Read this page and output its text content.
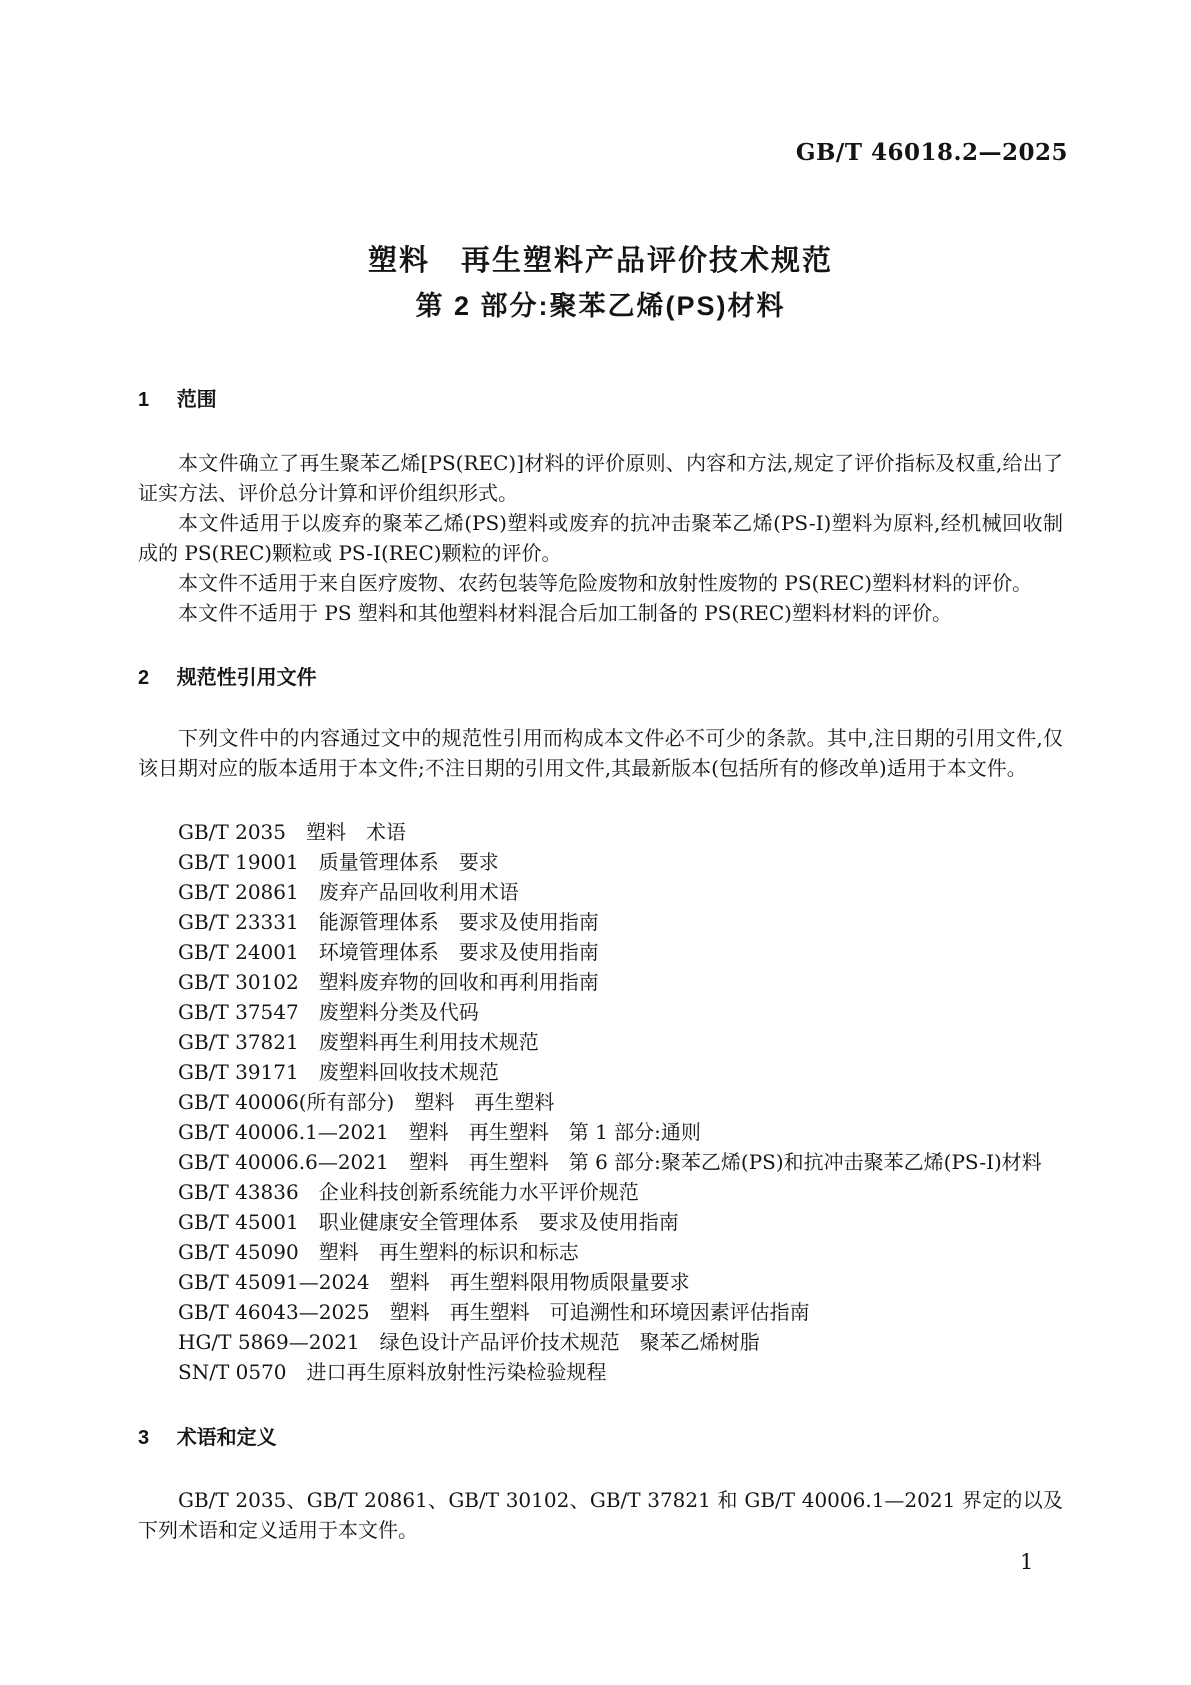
GB/T 46018.2—2025
塑料　再生塑料产品评价技术规范
第 2 部分:聚苯乙烯(PS)材料
1 范围
本文件确立了再生聚苯乙烯[PS(REC)]材料的评价原则、内容和方法,规定了评价指标及权重,给出了证实方法、评价总分计算和评价组织形式。
本文件适用于以废弃的聚苯乙烯(PS)塑料或废弃的抗冲击聚苯乙烯(PS-I)塑料为原料,经机械回收制成的 PS(REC)颗粒或 PS-I(REC)颗粒的评价。
本文件不适用于来自医疗废物、农药包装等危险废物和放射性废物的 PS(REC)塑料材料的评价。
本文件不适用于 PS 塑料和其他塑料材料混合后加工制备的 PS(REC)塑料材料的评价。
2 规范性引用文件
下列文件中的内容通过文中的规范性引用而构成本文件必不可少的条款。其中,注日期的引用文件,仅该日期对应的版本适用于本文件;不注日期的引用文件,其最新版本(包括所有的修改单)适用于本文件。
GB/T 2035　塑料　术语
GB/T 19001　质量管理体系　要求
GB/T 20861　废弃产品回收利用术语
GB/T 23331　能源管理体系　要求及使用指南
GB/T 24001　环境管理体系　要求及使用指南
GB/T 30102　塑料废弃物的回收和再利用指南
GB/T 37547　废塑料分类及代码
GB/T 37821　废塑料再生利用技术规范
GB/T 39171　废塑料回收技术规范
GB/T 40006(所有部分)　塑料　再生塑料
GB/T 40006.1—2021　塑料　再生塑料　第 1 部分:通则
GB/T 40006.6—2021　塑料　再生塑料　第 6 部分:聚苯乙烯(PS)和抗冲击聚苯乙烯(PS-I)材料
GB/T 43836　企业科技创新系统能力水平评价规范
GB/T 45001　职业健康安全管理体系　要求及使用指南
GB/T 45090　塑料　再生塑料的标识和标志
GB/T 45091—2024　塑料　再生塑料限用物质限量要求
GB/T 46043—2025　塑料　再生塑料　可追溯性和环境因素评估指南
HG/T 5869—2021　绿色设计产品评价技术规范　聚苯乙烯树脂
SN/T 0570　进口再生原料放射性污染检验规程
3 术语和定义
GB/T 2035、GB/T 20861、GB/T 30102、GB/T 37821 和 GB/T 40006.1—2021 界定的以及下列术语和定义适用于本文件。
1
